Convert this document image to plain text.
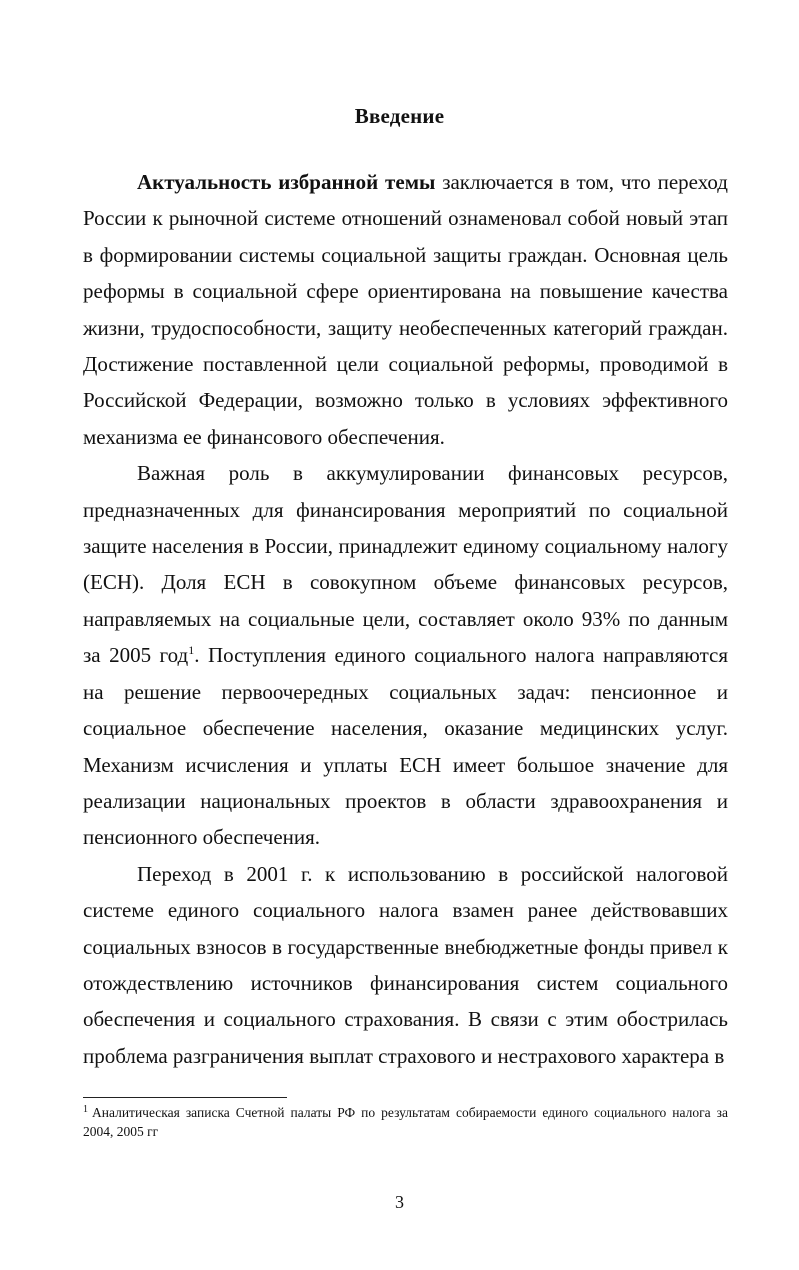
Введение

Актуальность избранной темы заключается в том, что переход России к рыночной системе отношений ознаменовал собой новый этап в формировании системы социальной защиты граждан. Основная цель реформы в социальной сфере ориентирована на повышение качества жизни, трудоспособности, защиту необеспеченных категорий граждан. Достижение поставленной цели социальной реформы, проводимой в Российской Федерации, возможно только в условиях эффективного механизма ее финансового обеспечения.

Важная роль в аккумулировании финансовых ресурсов, предназначенных для финансирования мероприятий по социальной защите населения в России, принадлежит единому социальному налогу (ЕСН). Доля ЕСН в совокупном объеме финансовых ресурсов, направляемых на социальные цели, составляет около 93% по данным за 2005 год$^1$. Поступления единого социального налога направляются на решение первоочередных социальных задач: пенсионное и социальное обеспечение населения, оказание медицинских услуг. Механизм исчисления и уплаты ЕСН имеет большое значение для реализации национальных проектов в области здравоохранения и пенсионного обеспечения.

Переход в 2001 г. к использованию в российской налоговой системе единого социального налога взамен ранее действовавших социальных взносов в государственные внебюджетные фонды привел к отождествлению источников финансирования систем социального обеспечения и социального страхования. В связи с этим обострилась проблема разграничения выплат страхового и нестрахового характера в

$^1$ Аналитическая записка Счетной палаты РФ по результатам собираемости единого социального налога за 2004, 2005 гг
3
